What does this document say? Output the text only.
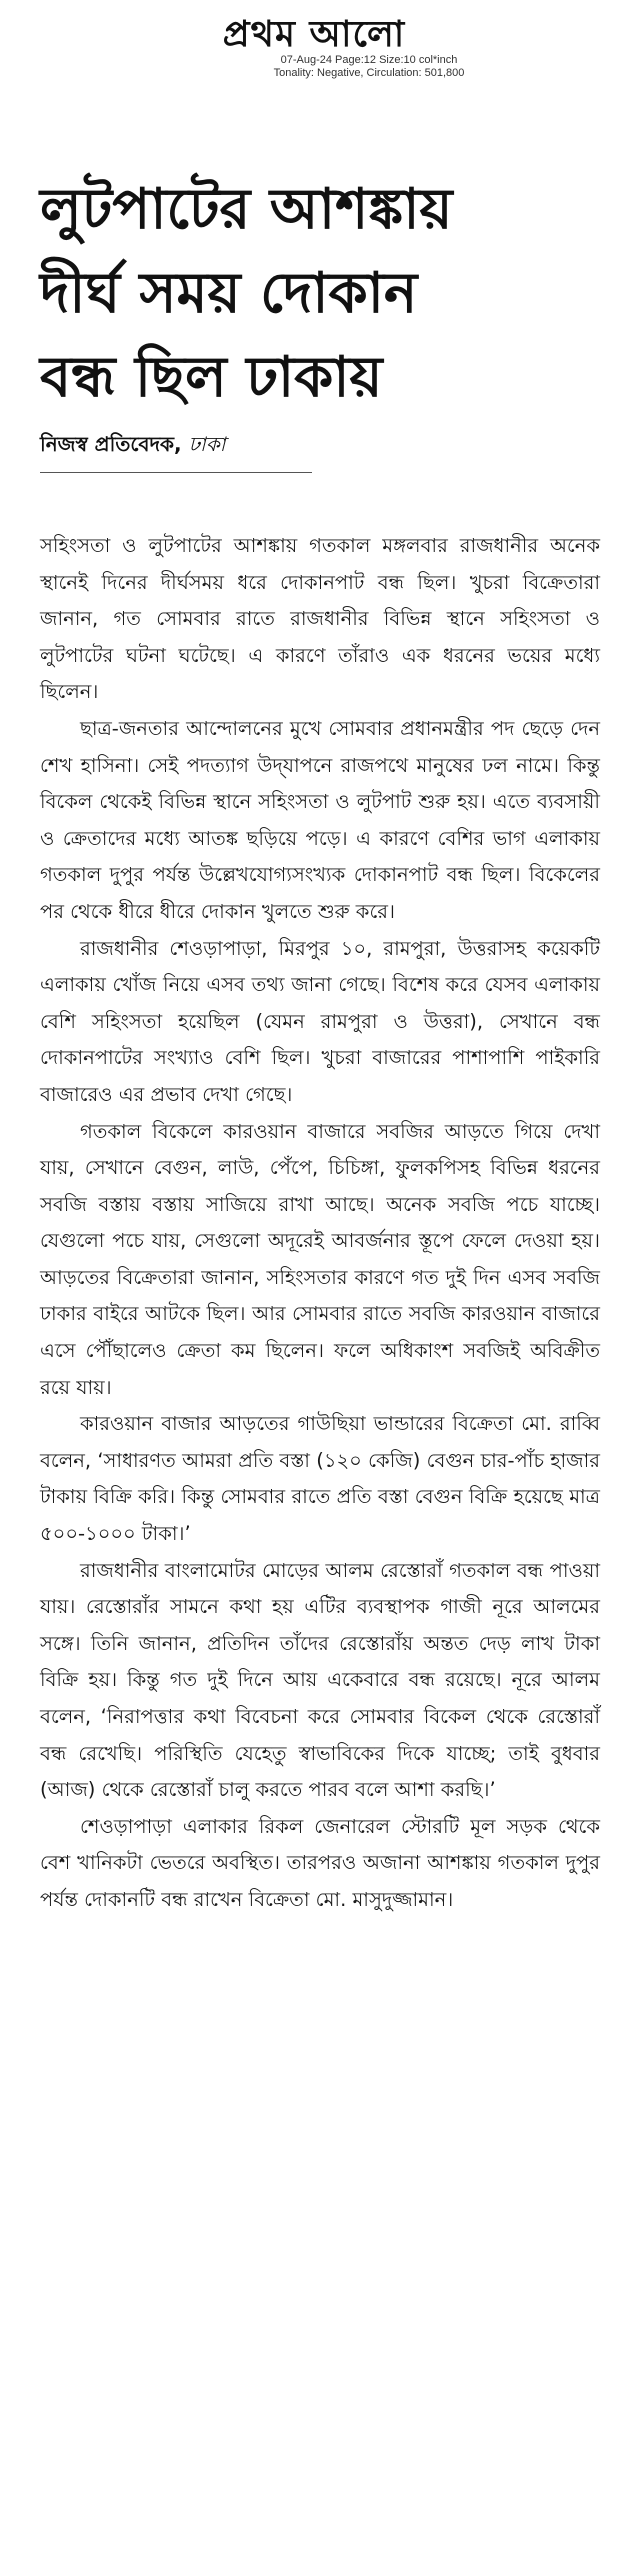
প্রথম আলো
07-Aug-24 Page:12 Size:10 col*inch
Tonality: Negative, Circulation: 501,800
লুটপাটের আশঙ্কায়
দীর্ঘ সময় দোকান
বন্ধ ছিল ঢাকায়
নিজস্ব প্রতিবেদক, ঢাকা

সহিংসতা ও লুটপাটের আশঙ্কায় গতকাল মঙ্গলবার রাজধানীর অনেক স্থানেই দিনের দীর্ঘসময় ধরে দোকানপাট বন্ধ ছিল। খুচরা বিক্রেতারা জানান, গত সোমবার রাতে রাজধানীর বিভিন্ন স্থানে সহিংসতা ও লুটপাটের ঘটনা ঘটেছে। এ কারণে তাঁরাও এক ধরনের ভয়ের মধ্যে ছিলেন।

ছাত্র-জনতার আন্দোলনের মুখে সোমবার প্রধানমন্ত্রীর পদ ছেড়ে দেন শেখ হাসিনা। সেই পদত্যাগ উদ্‌যাপনে রাজপথে মানুষের ঢল নামে। কিন্তু বিকেল থেকেই বিভিন্ন স্থানে সহিংসতা ও লুটপাট শুরু হয়। এতে ব্যবসায়ী ও ক্রেতাদের মধ্যে আতঙ্ক ছড়িয়ে পড়ে। এ কারণে বেশির ভাগ এলাকায় গতকাল দুপুর পর্যন্ত উল্লেখযোগ্যসংখ্যক দোকানপাট বন্ধ ছিল। বিকেলের পর থেকে ধীরে ধীরে দোকান খুলতে শুরু করে।

রাজধানীর শেওড়াপাড়া, মিরপুর ১০, রামপুরা, উত্তরাসহ কয়েকটি এলাকায় খোঁজ নিয়ে এসব তথ্য জানা গেছে। বিশেষ করে যেসব এলাকায় বেশি সহিংসতা হয়েছিল (যেমন রামপুরা ও উত্তরা), সেখানে বন্ধ দোকানপাটের সংখ্যাও বেশি ছিল। খুচরা বাজারের পাশাপাশি পাইকারি বাজারেও এর প্রভাব দেখা গেছে।

গতকাল বিকেলে কারওয়ান বাজারে সবজির আড়তে গিয়ে দেখা যায়, সেখানে বেগুন, লাউ, পেঁপে, চিচিঙ্গা, ফুলকপিসহ বিভিন্ন ধরনের সবজি বস্তায় বস্তায় সাজিয়ে রাখা আছে। অনেক সবজি পচে যাচ্ছে। যেগুলো পচে যায়, সেগুলো অদূরেই আবর্জনার স্তূপে ফেলে দেওয়া হয়। আড়তের বিক্রেতারা জানান, সহিংসতার কারণে গত দুই দিন এসব সবজি ঢাকার বাইরে আটকে ছিল। আর সোমবার রাতে সবজি কারওয়ান বাজারে এসে পৌঁছালেও ক্রেতা কম ছিলেন। ফলে অধিকাংশ সবজিই অবিক্রীত রয়ে যায়।

কারওয়ান বাজার আড়তের গাউছিয়া ভান্ডারের বিক্রেতা মো. রাব্বি বলেন, ‘সাধারণত আমরা প্রতি বস্তা (১২০ কেজি) বেগুন চার-পাঁচ হাজার টাকায় বিক্রি করি। কিন্তু সোমবার রাতে প্রতি বস্তা বেগুন বিক্রি হয়েছে মাত্র ৫০০-১০০০ টাকা।’

রাজধানীর বাংলামোটর মোড়ের আলম রেস্তোরাঁ গতকাল বন্ধ পাওয়া যায়। রেস্তোরাঁর সামনে কথা হয় এটির ব্যবস্থাপক গাজী নূরে আলমের সঙ্গে। তিনি জানান, প্রতিদিন তাঁদের রেস্তোরাঁয় অন্তত দেড় লাখ টাকা বিক্রি হয়। কিন্তু গত দুই দিনে আয় একেবারে বন্ধ রয়েছে। নূরে আলম বলেন, ‘নিরাপত্তার কথা বিবেচনা করে সোমবার বিকেল থেকে রেস্তোরাঁ বন্ধ রেখেছি। পরিস্থিতি যেহেতু স্বাভাবিকের দিকে যাচ্ছে; তাই বুধবার (আজ) থেকে রেস্তোরাঁ চালু করতে পারব বলে আশা করছি।’

শেওড়াপাড়া এলাকার রিকল জেনারেল স্টোরটি মূল সড়ক থেকে বেশ খানিকটা ভেতরে অবস্থিত। তারপরও অজানা আশঙ্কায় গতকাল দুপুর পর্যন্ত দোকানটি বন্ধ রাখেন বিক্রেতা মো. মাসুদুজ্জামান।
